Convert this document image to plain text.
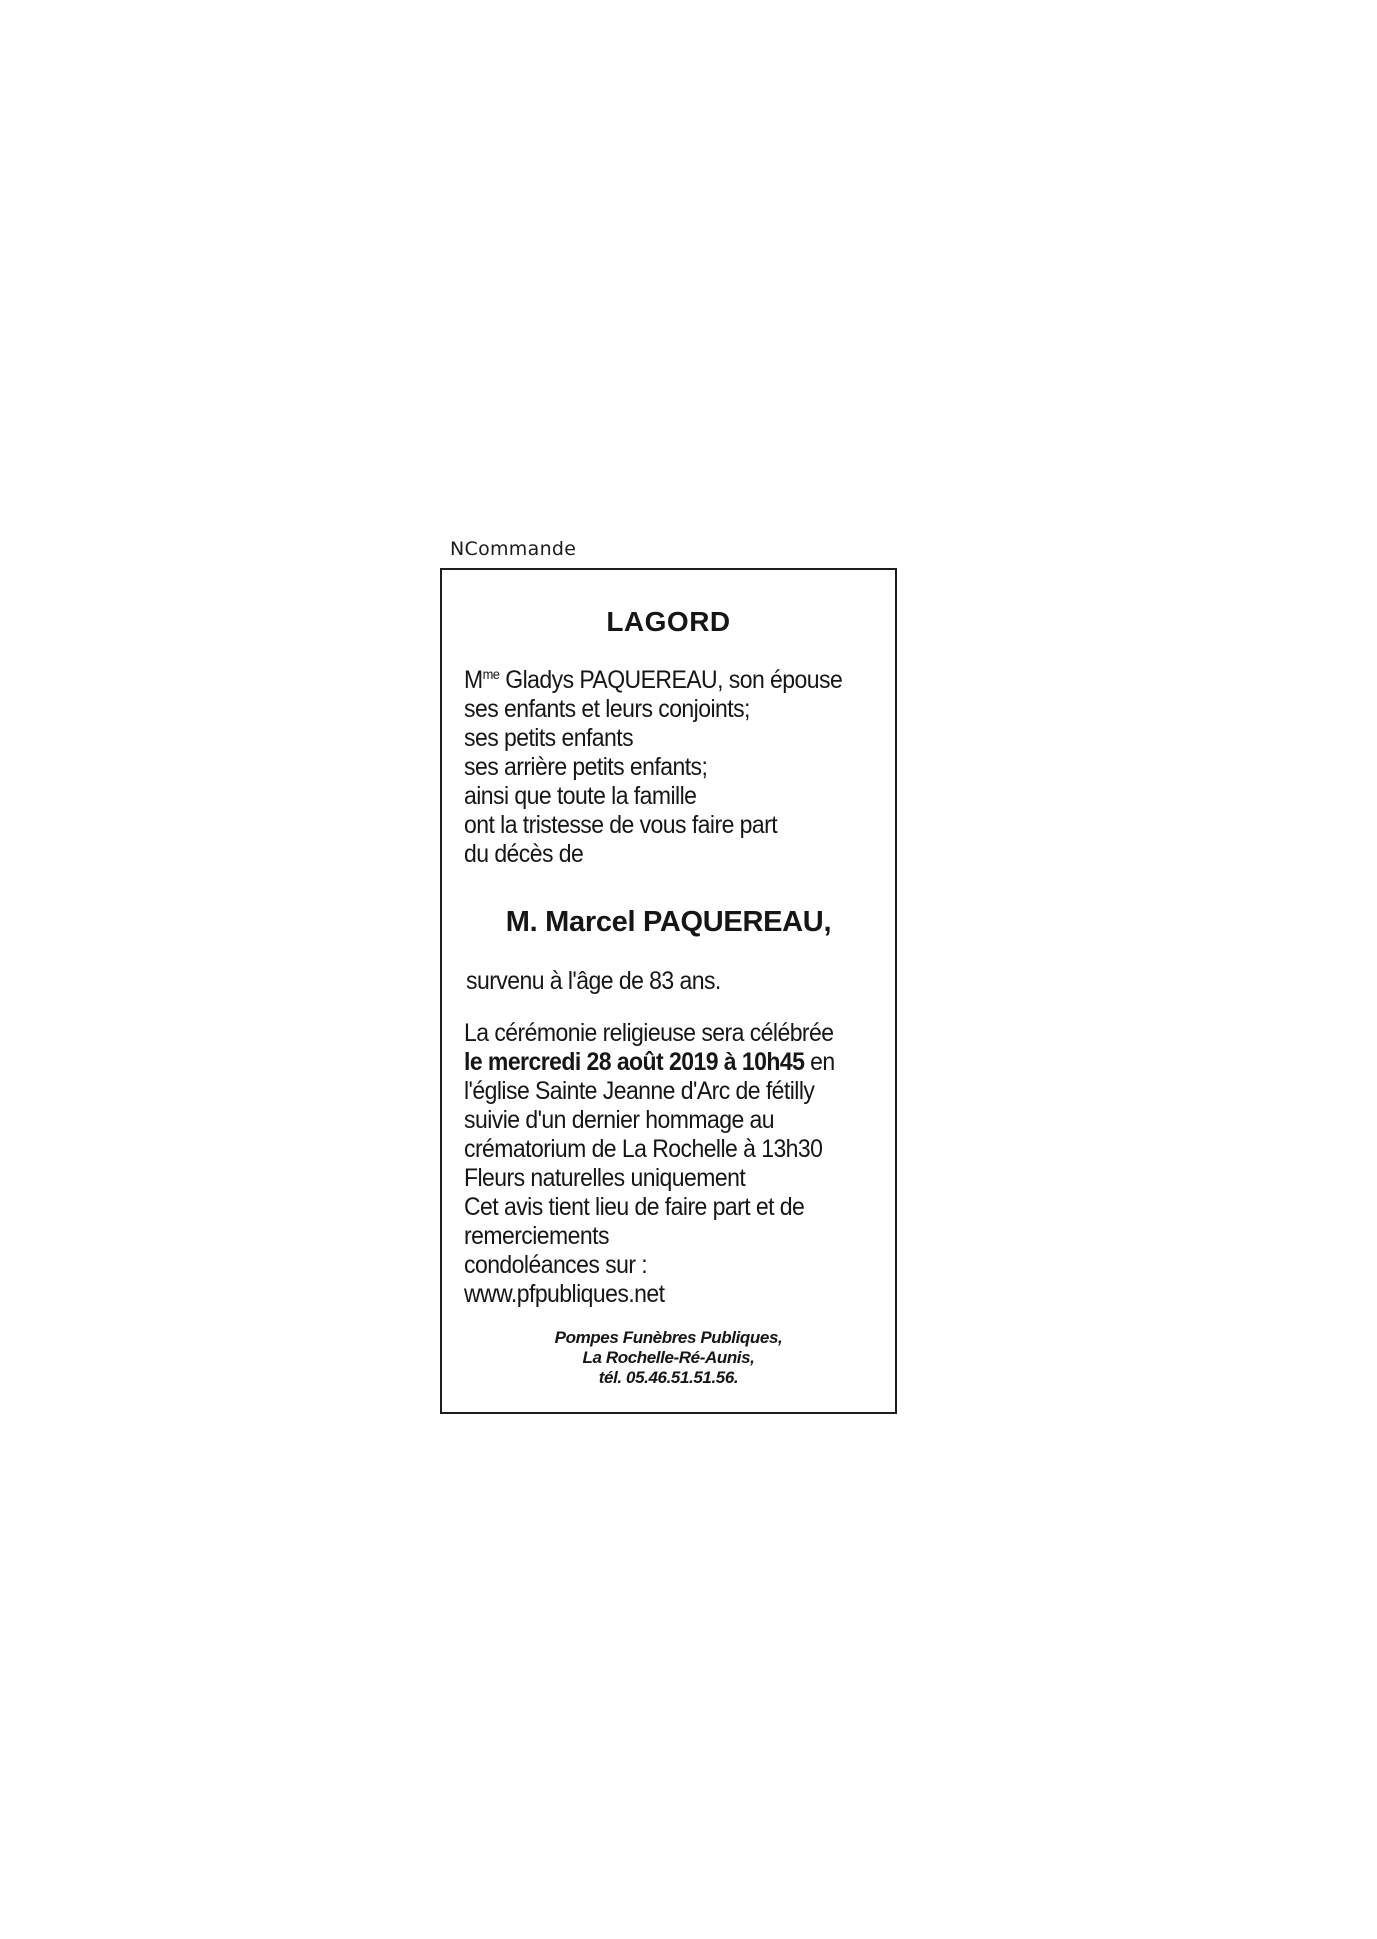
NCommande
LAGORD
$M^{me}$ Gladys PAQUEREAU, son épouse
ses enfants et leurs conjoints;
ses petits enfants
ses arrière petits enfants;
ainsi que toute la famille
ont la tristesse de vous faire part
du décès de
M. Marcel PAQUEREAU,
survenu à l'âge de 83 ans.
La cérémonie religieuse sera célébrée
le mercredi 28 août 2019 à 10h45 en
l'église Sainte Jeanne d'Arc de fétilly
suivie d'un dernier hommage au
crématorium de La Rochelle à 13h30
Fleurs naturelles uniquement
Cet avis tient lieu de faire part et de
remerciements
condoléances sur :
www.pfpubliques.net
Pompes Funèbres Publiques,
La Rochelle-Ré-Aunis,
tél. 05.46.51.51.56.
